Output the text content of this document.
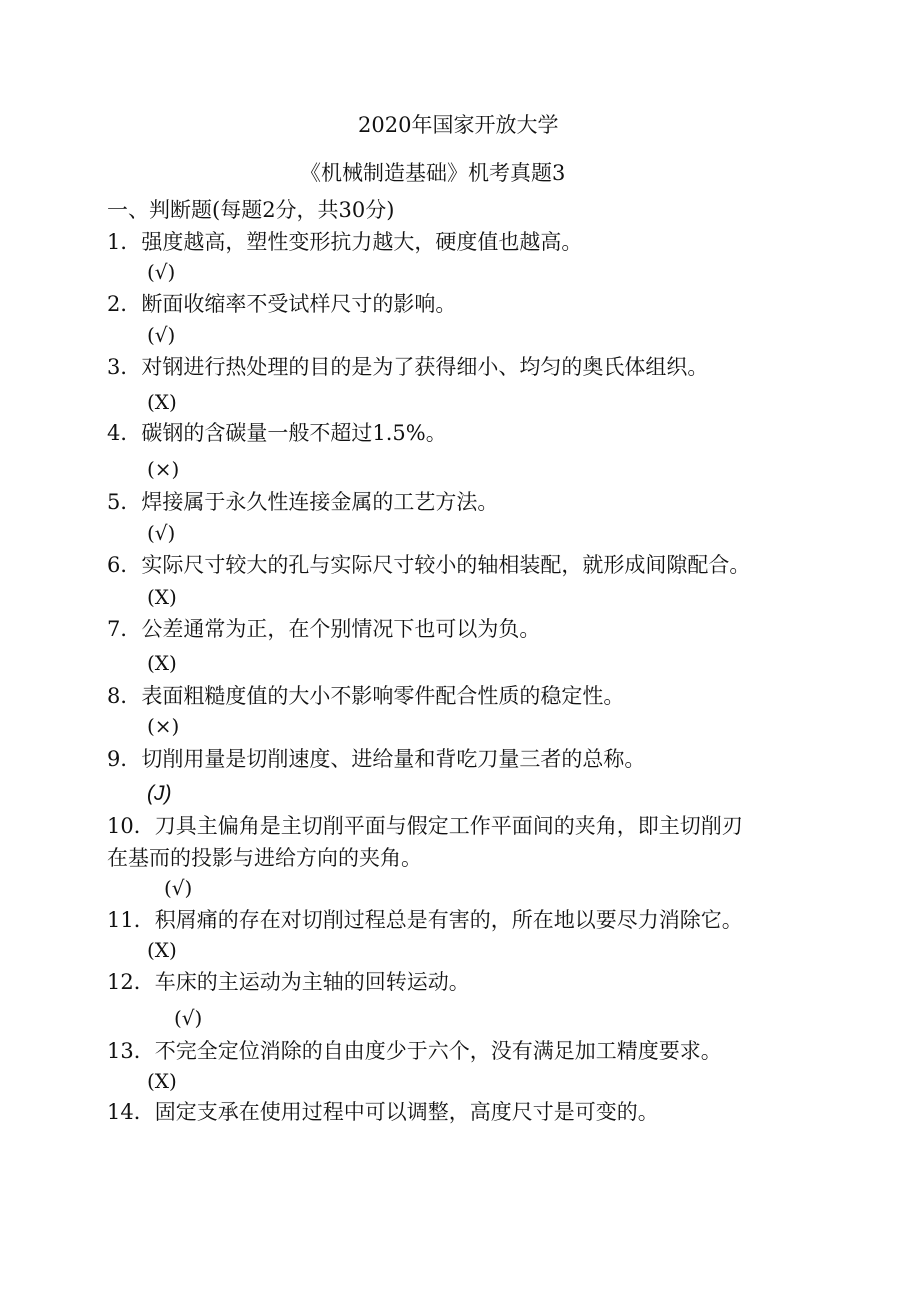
2020年国家开放大学
《机械制造基础》机考真题3
一、判断题(每题2分，共30分)
1．强度越高，塑性变形抗力越大，硬度值也越高。
(√)
2．断面收缩率不受试样尺寸的影响。
(√)
3．对钢进行热处理的目的是为了获得细小、均匀的奥氏体组织。
(X)
4．碳钢的含碳量一般不超过1.5%。
(×)
5．焊接属于永久性连接金属的工艺方法。
(√)
6．实际尺寸较大的孔与实际尺寸较小的轴相装配，就形成间隙配合。
(X)
7．公差通常为正，在个别情况下也可以为负。
(X)
8．表面粗糙度值的大小不影响零件配合性质的稳定性。
(×)
9．切削用量是切削速度、进给量和背吃刀量三者的总称。
(J)
10．刀具主偏角是主切削平面与假定工作平面间的夹角，即主切削刃
在基而的投影与进给方向的夹角。
(√)
11．积屑痛的存在对切削过程总是有害的，所在地以要尽力消除它。
(X)
12．车床的主运动为主轴的回转运动。
(√)
13．不完全定位消除的自由度少于六个，没有满足加工精度要求。
(X)
14．固定支承在使用过程中可以调整，高度尺寸是可变的。
